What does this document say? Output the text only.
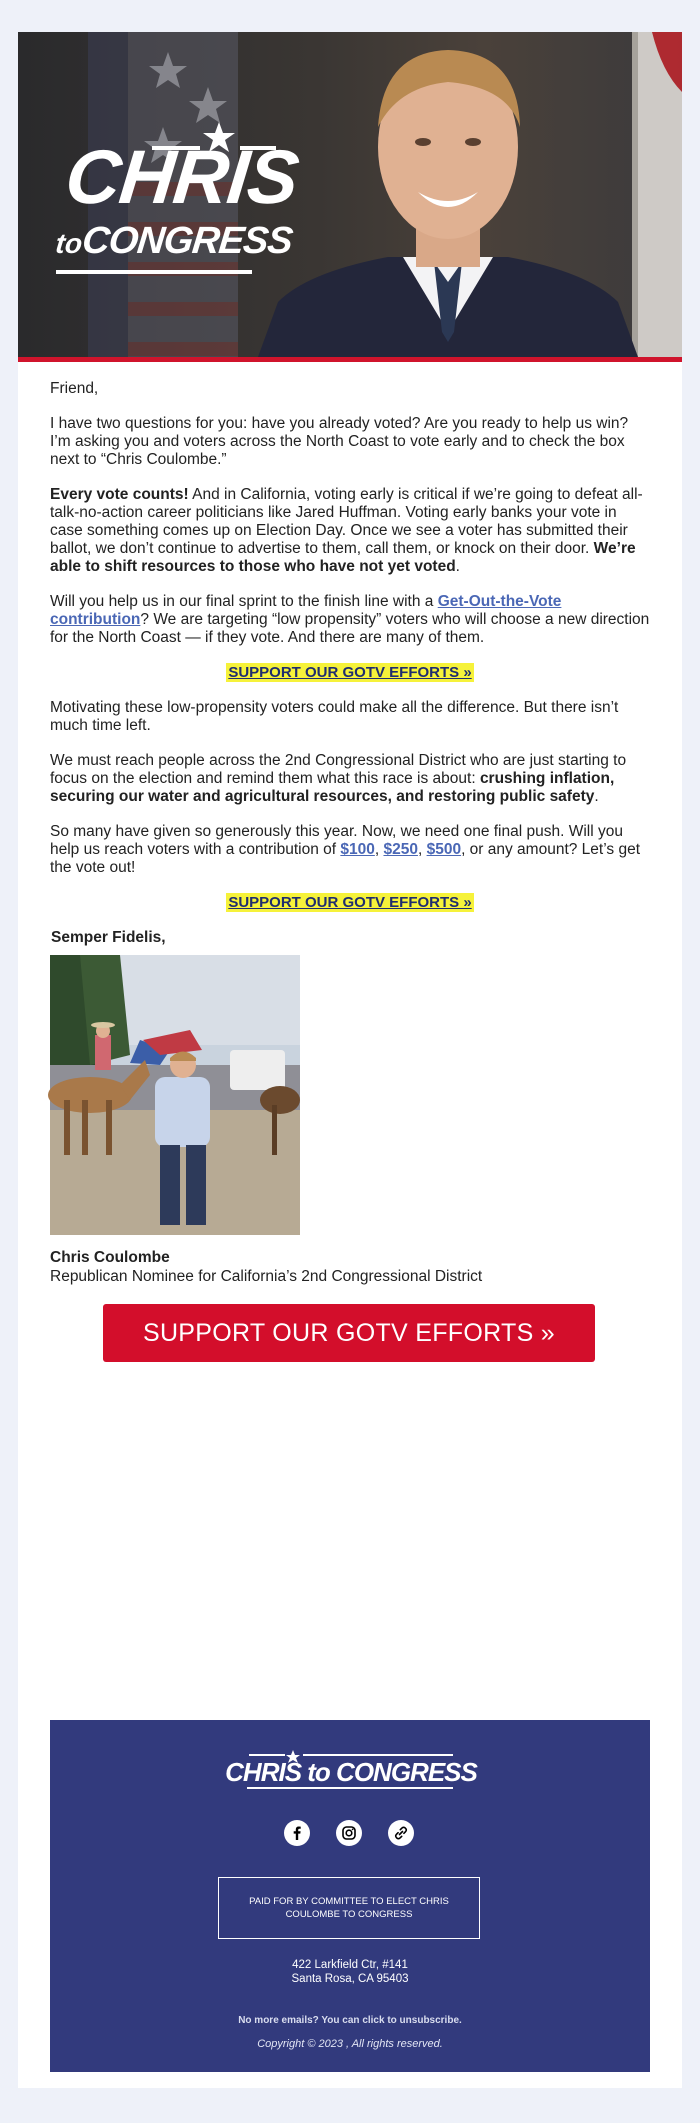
CHRIS
toCONGRESS

Friend,

I have two questions for you: have you already voted? Are you ready to help us win? I’m asking you and voters across the North Coast to vote early and to check the box next to “Chris Coulombe.”

Every vote counts! And in California, voting early is critical if we’re going to defeat all-talk-no-action career politicians like Jared Huffman. Voting early banks your vote in case something comes up on Election Day. Once we see a voter has submitted their ballot, we don’t continue to advertise to them, call them, or knock on their door. We’re able to shift resources to those who have not yet voted.

Will you help us in our final sprint to the finish line with a Get-Out-the-Vote contribution? We are targeting “low propensity” voters who will choose a new direction for the North Coast — if they vote. And there are many of them.

SUPPORT OUR GOTV EFFORTS »

Motivating these low-propensity voters could make all the difference. But there isn’t much time left.

We must reach people across the 2nd Congressional District who are just starting to focus on the election and remind them what this race is about: crushing inflation, securing our water and agricultural resources, and restoring public safety.

So many have given so generously this year. Now, we need one final push. Will you help us reach voters with a contribution of $100, $250, $500, or any amount? Let’s get the vote out!

SUPPORT OUR GOTV EFFORTS »

Semper Fidelis,

Chris Coulombe
Republican Nominee for California’s 2nd Congressional District
SUPPORT OUR GOTV EFFORTS »
CHRIS to CONGRESS
PAID FOR BY COMMITTEE TO ELECT CHRIS COULOMBE TO CONGRESS
422 Larkfield Ctr, #141
Santa Rosa, CA 95403
No more emails? You can click to unsubscribe.
Copyright © 2023 , All rights reserved.
